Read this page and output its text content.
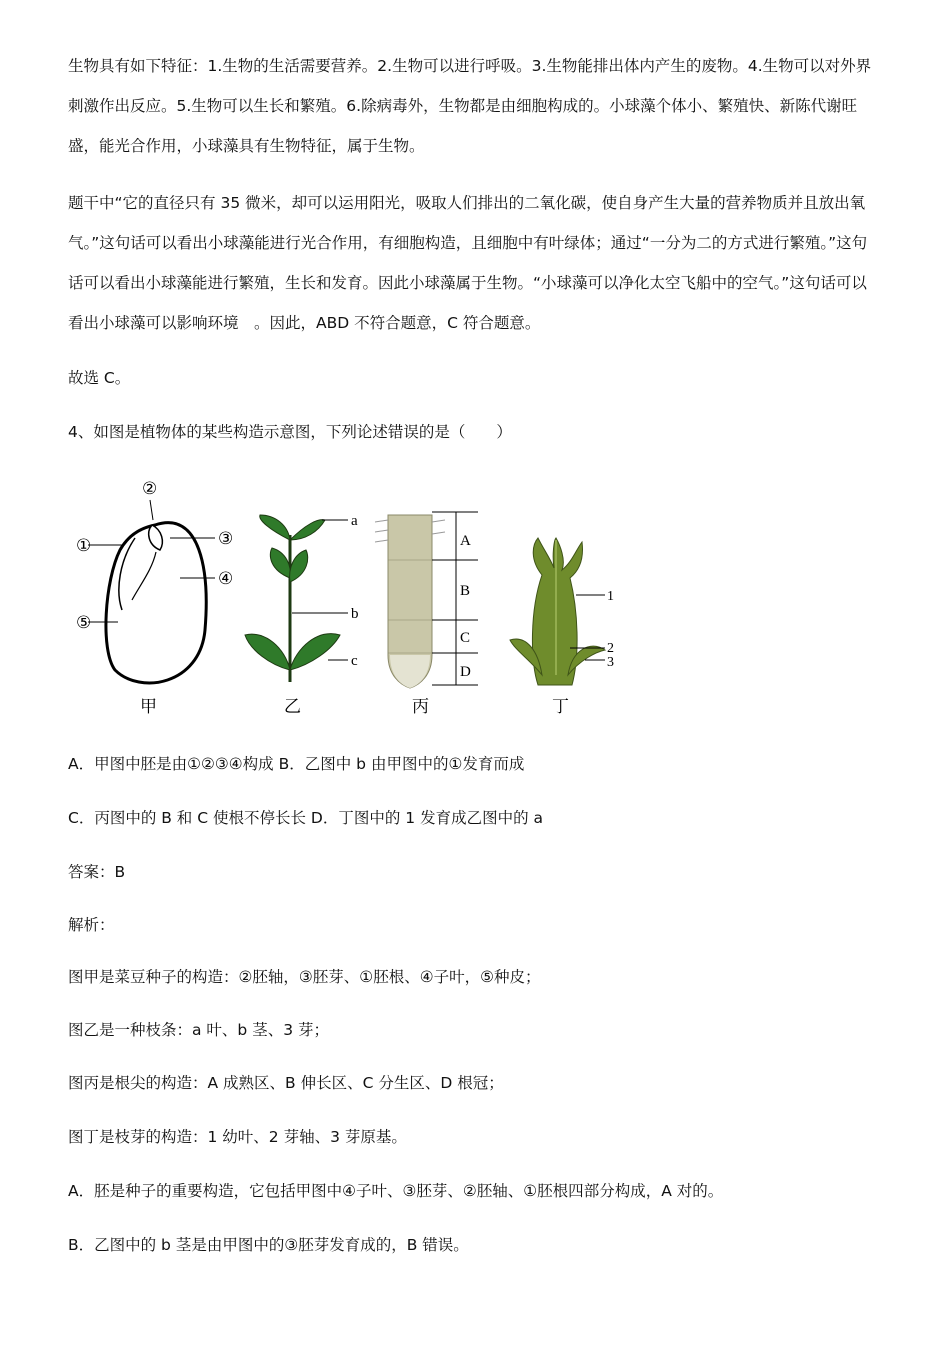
生物具有如下特征：1.生物的生活需要营养。2.生物可以进行呼吸。3.生物能排出体内产生的废物。4.生物可以对外界刺激作出反应。5.生物可以生长和繁殖。6.除病毒外，生物都是由细胞构成的。小球藻个体小、繁殖快、新陈代谢旺盛，能光合作用，小球藻具有生物特征，属于生物。

题干中“它的直径只有 35 微米，却可以运用阳光，吸取人们排出的二氧化碳，使自身产生大量的营养物质并且放出氧气。”这句话可以看出小球藻能进行光合作用，有细胞构造，且细胞中有叶绿体；通过“一分为二的方式进行繁殖。”这句话可以看出小球藻能进行繁殖，生长和发育。因此小球藻属于生物。“小球藻可以净化太空飞船中的空气。”这句话可以看出小球藻可以影响环境　。因此，ABD 不符合题意，C 符合题意。

故选 C。
4、如图是植物体的某些构造示意图，下列论述错误的是（　　）
①
②
③
④
⑤
甲
a
b
c
乙
A
B
C
D
丙
1
2
3
丁
A．甲图中胚是由①②③④构成 B．乙图中 b 由甲图中的①发育而成
C．丙图中的 B 和 C 使根不停长长 D．丁图中的 1 发育成乙图中的 a
答案：B
解析：
图甲是菜豆种子的构造：②胚轴，③胚芽、①胚根、④子叶，⑤种皮；
图乙是一种枝条：a 叶、b 茎、3 芽；
图丙是根尖的构造：A 成熟区、B 伸长区、C 分生区、D 根冠；
图丁是枝芽的构造：1 幼叶、2 芽轴、3 芽原基。
A．胚是种子的重要构造，它包括甲图中④子叶、③胚芽、②胚轴、①胚根四部分构成，A 对的。
B．乙图中的 b 茎是由甲图中的③胚芽发育成的，B 错误。
